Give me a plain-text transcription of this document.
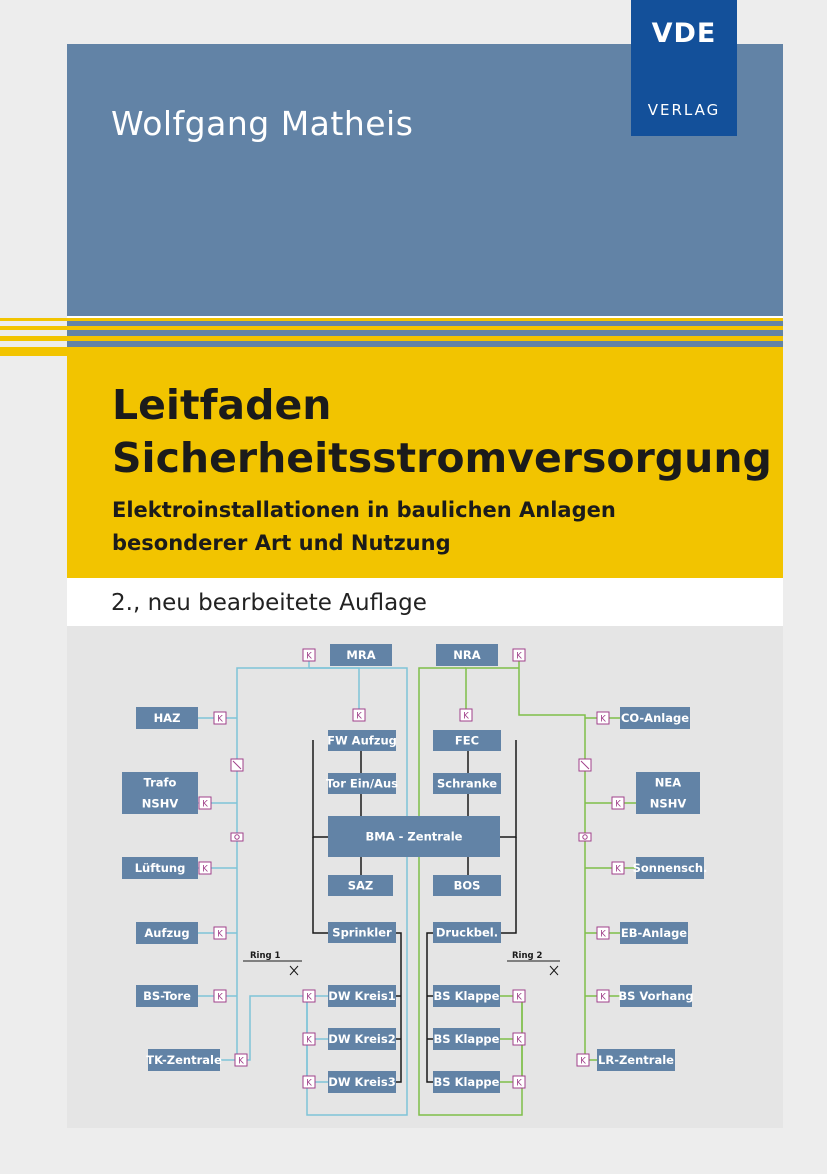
Wolfgang Matheis
Leitfaden
Sicherheitsstromversorgung
Elektroinstallationen in baulichen Anlagen
besonderer Art und Nutzung
2., neu bearbeitete Auflage
VDE
VERLAG
Ring 1	Ring 2
MRA	NRA
FW Aufzug	FEC
Tor Ein/Aus	Schranke
BMA - Zentrale
SAZ	BOS
Sprinkler	Druckbel.
HAZ
Trafo
NSHV
Lüftung
Aufzug
BS-Tore
TK-Zentrale
CO-Anlage
NEA
NSHV
Sonnensch.
EB-Anlage
BS Vorhang
LR-Zentrale
DW Kreis1
DW Kreis2
DW Kreis3
BS Klappe
BS Klappe
BS Klappe
K	K
K	K
K
K
K
K
K
K
K
K
K
K
K
K
K
K
K
K
K
K
